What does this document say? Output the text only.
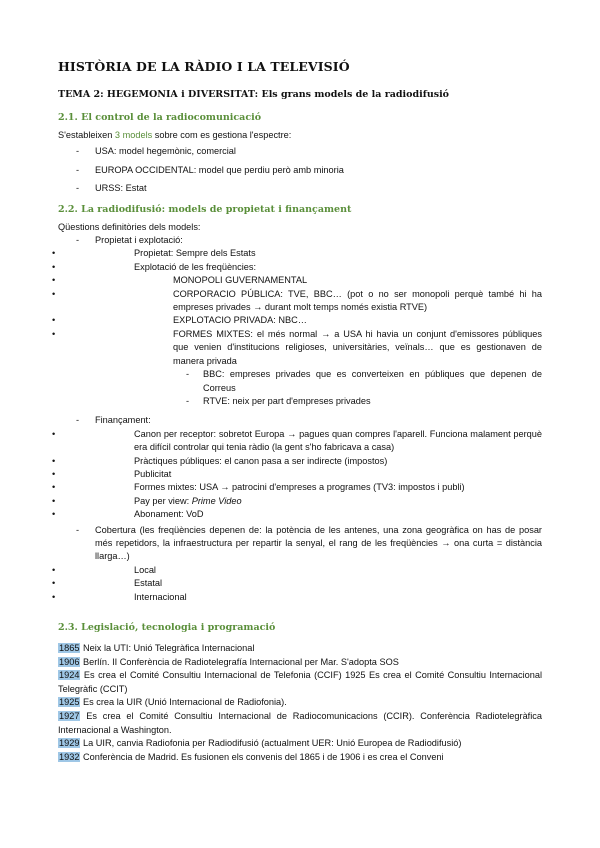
HISTÒRIA DE LA RÀDIO I LA TELEVISIÓ
TEMA 2: HEGEMONIA i DIVERSITAT: Els grans models de la radiodifusió
2.1. El control de la radiocomunicació

S'estableixen 3 models sobre com es gestiona l'espectre:

- USA: model hegemònic, comercial
- EUROPA OCCIDENTAL: model que perdiu però amb minoria
- URSS: Estat
2.2. La radiodifusió: models de propietat i finançament

Qüestions definitòries dels models:

- Propietat i explotació:
• Propietat: Sempre dels Estats
• Explotació de les freqüències:
• MONOPOLI GUVERNAMENTAL
• CORPORACIO PÚBLICA: TVE, BBC… (pot o no ser monopoli perquè també hi ha empreses privades → durant molt temps només existia RTVE)
• EXPLOTACIO PRIVADA: NBC…
• FORMES MIXTES: el més normal → a USA hi havia un conjunt d'emissores públiques que venien d'institucions religioses, universitàries, veïnals… que es gestionaven de manera privada
- BBC: empreses privades que es converteixen en públiques que depenen de Correus
- RTVE: neix per part d'empreses privades
- Finançament:
• Canon per receptor: sobretot Europa → pagues quan compres l'aparell. Funciona malament perquè era difícil controlar qui tenia ràdio (la gent s'ho fabricava a casa)
• Pràctiques públiques: el canon pasa a ser indirecte (impostos)
• Publicitat
• Formes mixtes: USA → patrocini d'empreses a programes (TV3: impostos i publi)
• Pay per view: Prime Video
• Abonament: VoD
- Cobertura (les freqüències depenen de: la potència de les antenes, una zona geogràfica on has de posar més repetidors, la infraestructura per repartir la senyal, el rang de les freqüències → ona curta = distància llarga…)
• Local
• Estatal
• Internacional
2.3. Legislació, tecnologia i programació

1865 Neix la UTI: Unió Telegràfica Internacional

1906 Berlín. II Conferència de Radiotelegrafía Internacional per Mar. S'adopta SOS

1924 Es crea el Comité Consultiu Internacional de Telefonia (CCIF) 1925 Es crea el Comité Consultiu Internacional Telegràfic (CCIT)

1925 Es crea la UIR (Unió Internacional de Radiofonia).

1927 Es crea el Comité Consultiu Internacional de Radiocomunicacions (CCIR). Conferència Radiotelegràfica Internacional a Washington.

1929 La UIR, canvia Radiofonia per Radiodifusió (actualment UER: Unió Europea de Radiodifusió)

1932 Conferència de Madrid. Es fusionen els convenis del 1865 i de 1906 i es crea el Conveni
